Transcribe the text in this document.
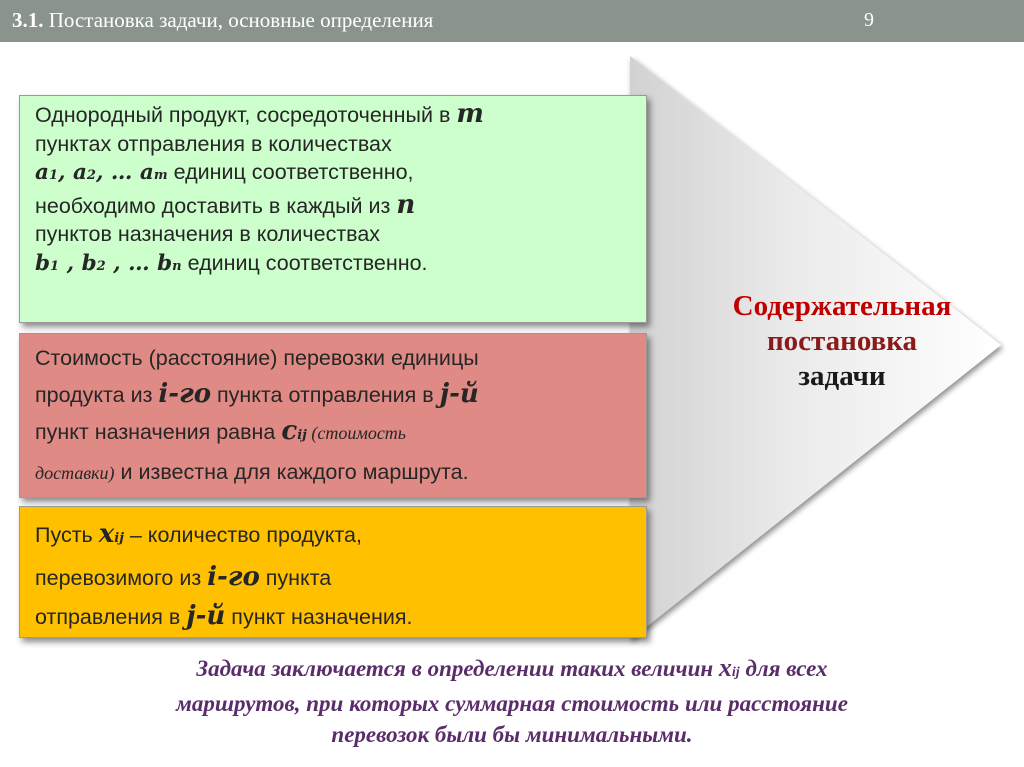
3.1. Постановка задачи, основные определения	9
Однородный продукт, сосредоточенный в m
пунктах отправления в количествах
a1, a2, … am единиц соответственно,
необходимо доставить в каждый из n
пунктов назначения в количествах
b1 , b2 , … bn единиц соответственно.
Стоимость (расстояние) перевозки единицы
продукта из i-го пункта отправления в j-й
пункт назначения равна cij (стоимость
доставки) и известна для каждого маршрута.
Пусть xij – количество продукта,
перевозимого из i-го пункта
отправления в j-й пункт назначения.
Содержательная
постановка
задачи
Задача заключается в определении таких величин xij для всех
маршрутов, при которых суммарная стоимость или расстояние
перевозок были бы минимальными.
